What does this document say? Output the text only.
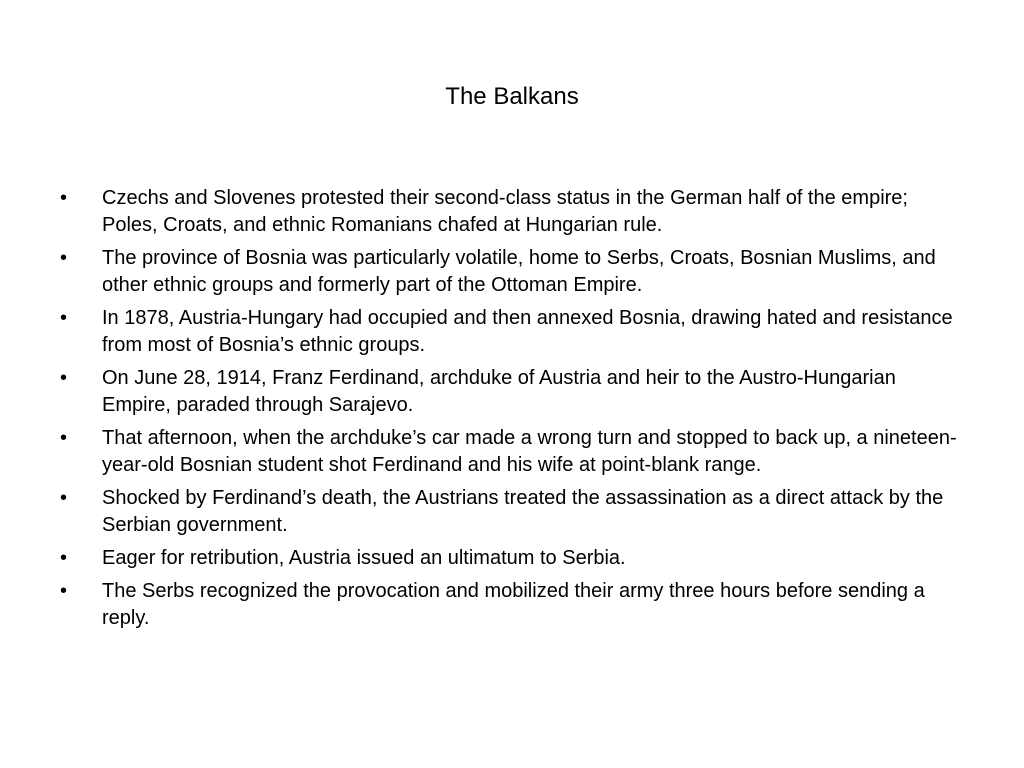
The Balkans
•	Czechs and Slovenes protested their second-class status in the German half of the empire; Poles, Croats, and ethnic Romanians chafed at Hungarian rule.
•	The province of Bosnia was particularly volatile, home to Serbs, Croats, Bosnian Muslims, and other ethnic groups and formerly part of the Ottoman Empire.
•	In 1878, Austria-Hungary had occupied and then annexed Bosnia, drawing hated and resistance from most of Bosnia’s ethnic groups.
•	On June 28, 1914, Franz Ferdinand, archduke of Austria and heir to the Austro-Hungarian Empire, paraded through Sarajevo.
•	That afternoon, when the archduke’s car made a wrong turn and stopped to back up, a nineteen-year-old Bosnian student shot Ferdinand and his wife at point-blank range.
•	Shocked by Ferdinand’s death, the Austrians treated the assassination as a direct attack by the Serbian government.
•	Eager for retribution, Austria issued an ultimatum to Serbia.
•	The Serbs recognized the provocation and mobilized their army three hours before sending a reply.
